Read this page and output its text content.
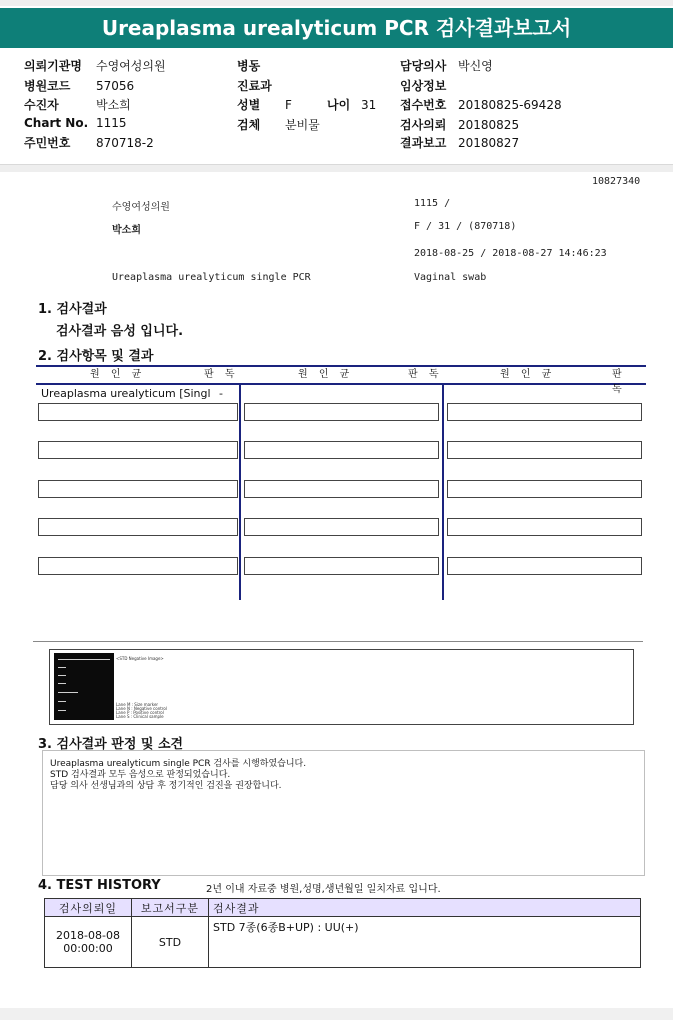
Ureaplasma urealyticum PCR 검사결과보고서
의뢰기관명 수영여성의원
병원코드 57056
수진자	박소희
Chart No. 1115
주민번호 870718-2
병동
진료과
성별 F	나이 31
검체 분비물
담당의사 박신영
임상정보
접수번호 20180825-69428
검사의뢰 20180825
결과보고 20180827
10827340
수영여성의원	1115 /
박소희	F / 31 / (870718)
2018-08-25 / 2018-08-27 14:46:23
Ureaplasma urealyticum single PCR	Vaginal swab
1. 검사결과
검사결과 음성 입니다.
2. 검사항목 및 결과
원 인 균	판 독	원 인 균	판 독	원 인 균	판 독
Ureaplasma urealyticum [Singl -
<STD Negative Image>
Lane M : Size marker
Lane N : Negative control
Lane P : Positive control
Lane S : Clinical sample
3. 검사결과 판정 및 소견
Ureaplasma urealyticum single PCR 검사를 시행하였습니다.
STD 검사결과 모두 음성으로 판정되었습니다.
담당 의사 선생님과의 상담 후 정기적인 검진을 권장합니다.
4. TEST HISTORY	2년 이내 자료중 병원,성명,생년월일 일치자료 입니다.
검사의뢰일	보고서구분	검사결과

2018-08-08
00:00:00	STD	STD 7종(6종B+UP) : UU(+)
